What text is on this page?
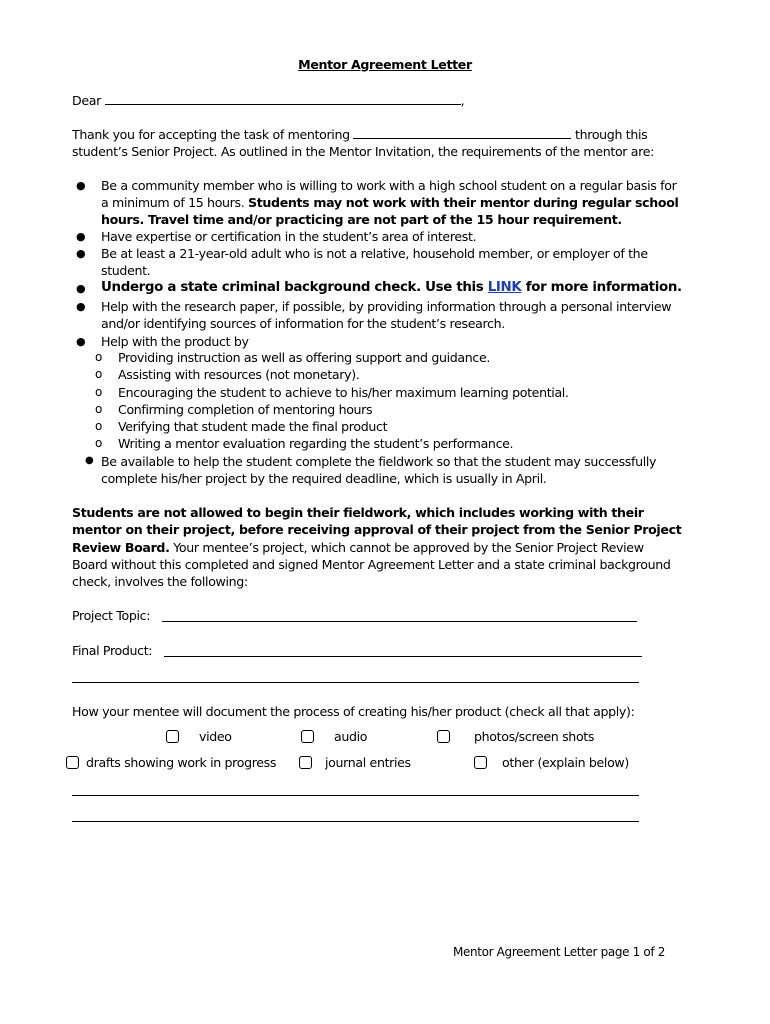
Mentor Agreement Letter
Dear	,
Thank you for accepting the task of mentoring	through this
student’s Senior Project. As outlined in the Mentor Invitation, the requirements of the mentor are:
● Be a community member who is willing to work with a high school student on a regular basis for
a minimum of 15 hours. Students may not work with their mentor during regular school
hours. Travel time and/or practicing are not part of the 15 hour requirement.
● Have expertise or certification in the student’s area of interest.
● Be at least a 21-year-old adult who is not a relative, household member, or employer of the
student.
● Undergo a state criminal background check. Use this LINK for more information.
● Help with the research paper, if possible, by providing information through a personal interview
and/or identifying sources of information for the student’s research.
● Help with the product by
o Providing instruction as well as offering support and guidance.
o Assisting with resources (not monetary).
o Encouraging the student to achieve to his/her maximum learning potential.
o Confirming completion of mentoring hours
o Verifying that student made the final product
o Writing a mentor evaluation regarding the student’s performance.
● Be available to help the student complete the fieldwork so that the student may successfully
complete his/her project by the required deadline, which is usually in April.
Students are not allowed to begin their fieldwork, which includes working with their
mentor on their project, before receiving approval of their project from the Senior Project
Review Board. Your mentee’s project, which cannot be approved by the Senior Project Review
Board without this completed and signed Mentor Agreement Letter and a state criminal background
check, involves the following:
Project Topic:
Final Product:
How your mentee will document the process of creating his/her product (check all that apply):
video	audio	photos/screen shots
drafts showing work in progress	journal entries	other (explain below)
Mentor Agreement Letter page 1 of 2
